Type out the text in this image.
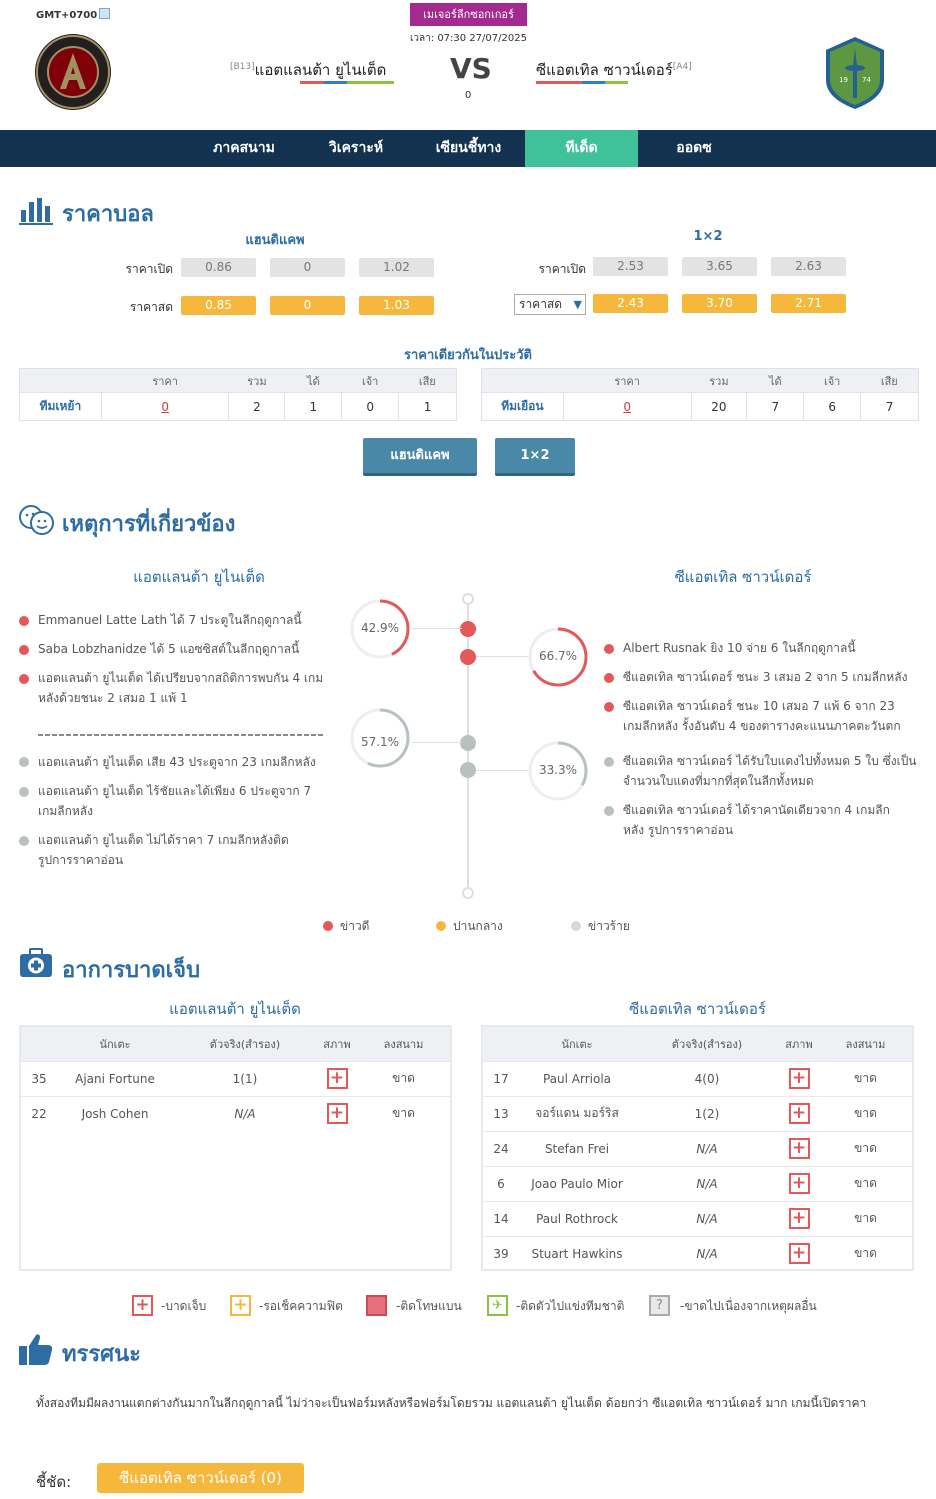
GMT+0700	เมเจอร์ลีกซอกเกอร์
เวลา: 07:30 27/07/2025
[B13]แอตแลนต้า ยูไนเต็ด VS
0
ซีแอตเทิล ซาวน์เดอร์[A4]
19 74
ภาคสนาม	วิเคราะห์	เซียนชี้ทาง	ทีเด็ด	ออดซ
ราคาบอล
แฮนดิแคพ	1×2
ราคาเปิด	0.86	0	1.02
ราคาสด	0.85	0	1.03
ราคาเปิด	2.53	3.65	2.63
ราคาสด ▼	2.43	3.70	2.71
ราคาเดียวกันในประวัติ
	ราคา	รวม	ได้	เจ้า	เสีย
ทีมเหย้า	0	2	1	0	1
	ราคา	รวม	ได้	เจ้า	เสีย
ทีมเยือน	0	20	7	6	7
แฮนดิแคพ	1×2
เหตุการที่เกี่ยวข้อง
แอตแลนต้า ยูไนเต็ด	ซีแอตเทิล ซาวน์เดอร์
42.9%
66.7%
57.1%
33.3%
Emmanuel Latte Lath ได้ 7 ประตูในลีกฤดูกาลนี้
Saba Lobzhanidze ได้ 5 แอซซิสต์ในลีกฤดูกาลนี้
แอตแลนต้า ยูไนเต็ด ได้เปรียบจากสถิติการพบกัน 4 เกม หลังด้วยชนะ 2 เสมอ 1 แพ้ 1
แอตแลนต้า ยูไนเต็ด เสีย 43 ประตูจาก 23 เกมลีกหลัง
แอตแลนต้า ยูไนเต็ด ไร้ชัยและได้เพียง 6 ประตูจาก 7 เกมลีกหลัง
แอตแลนต้า ยูไนเต็ด ไม่ได้ราคา 7 เกมลีกหลังติด รูปการราคาอ่อน
Albert Rusnak ยิง 10 จ่าย 6 ในลีกฤดูกาลนี้
ซีแอตเทิล ซาวน์เดอร์ ชนะ 3 เสมอ 2 จาก 5 เกมลีกหลัง
ซีแอตเทิล ซาวน์เดอร์ ชนะ 10 เสมอ 7 แพ้ 6 จาก 23 เกมลีกหลัง รั้งอันดับ 4 ของตารางคะแนนภาคตะวันตก
ซีแอตเทิล ซาวน์เดอร์ ได้รับใบแดงไปทั้งหมด 5 ใบ ซึ่งเป็นจำนวนใบแดงที่มากที่สุดในลีกทั้งหมด
ซีแอตเทิล ซาวน์เดอร์ ได้ราคานัดเดียวจาก 4 เกมลีกหลัง รูปการราคาอ่อน
ข่าวดี	ปานกลาง	ข่าวร้าย
อาการบาดเจ็บ
แอตแลนต้า ยูไนเต็ด	ซีแอตเทิล ซาวน์เดอร์
	นักเตะ	ตัวจริง(สำรอง)	สภาพ	ลงสนาม
35	Ajani Fortune	1(1)	+	ขาด
22	Josh Cohen	N/A	+	ขาด
	นักเตะ	ตัวจริง(สำรอง)	สภาพ	ลงสนาม
17	Paul Arriola	4(0)	+	ขาด
13	จอร์แดน มอร์ริส	1(2)	+	ขาด
24	Stefan Frei	N/A	+	ขาด
6	Joao Paulo Mior	N/A	+	ขาด
14	Paul Rothrock	N/A	+	ขาด
39	Stuart Hawkins	N/A	+	ขาด
+ -บาดเจ็บ + -รอเช็คความฟิต	-ติดโทษแบน	✈	-ติดตัวไปแข่งทีมชาติ	?	-ขาดไปเนื่องจากเหตุผลอื่น
ทรรศนะ
ทั้งสองทีมมีผลงานแตกต่างกันมากในลีกฤดูกาลนี้ ไม่ว่าจะเป็นฟอร์มหลังหรือฟอร์มโดยรวม แอตแลนต้า ยูไนเต็ด ด้อยกว่า ซีแอตเทิล ซาวน์เดอร์ มาก เกมนี้เปิดราคา
ชี้ชัด:	ซีแอตเทิล ซาวน์เดอร์ (0)
